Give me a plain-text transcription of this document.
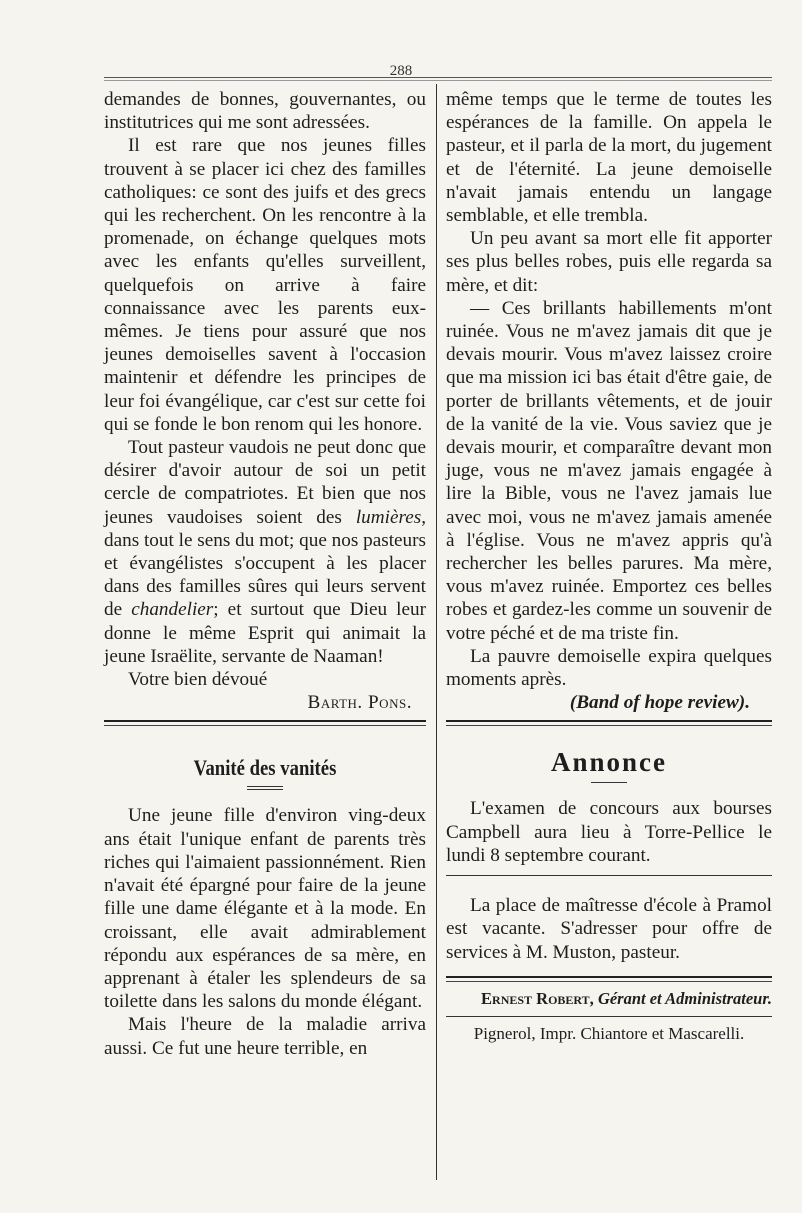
288

demandes de bonnes, gouvernantes, ou institutrices qui me sont adressées.

Il est rare que nos jeunes filles trouvent à se placer ici chez des familles catholiques: ce sont des juifs et des grecs qui les recherchent. On les rencontre à la promenade, on échange quelques mots avec les enfants qu'elles surveillent, quelquefois on arrive à faire connaissance avec les parents eux-mêmes. Je tiens pour assuré que nos jeunes demoiselles savent à l'occasion maintenir et défendre les principes de leur foi évangélique, car c'est sur cette foi qui se fonde le bon renom qui les honore.

Tout pasteur vaudois ne peut donc que désirer d'avoir autour de soi un petit cercle de compatriotes. Et bien que nos jeunes vaudoises soient des lumières, dans tout le sens du mot; que nos pasteurs et évangélistes s'occupent à les placer dans des familles sûres qui leurs servent de chandelier; et surtout que Dieu leur donne le même Esprit qui animait la jeune Israëlite, servante de Naaman!

Votre bien dévoué

Barth. Pons.

Vanité des vanités

Une jeune fille d'environ ving-deux ans était l'unique enfant de parents très riches qui l'aimaient passionnément. Rien n'avait été épargné pour faire de la jeune fille une dame élégante et à la mode. En croissant, elle avait admirablement répondu aux espérances de sa mère, en apprenant à étaler les splendeurs de sa toilette dans les salons du monde élégant.

Mais l'heure de la maladie arriva aussi. Ce fut une heure terrible, en

même temps que le terme de toutes les espérances de la famille. On appela le pasteur, et il parla de la mort, du jugement et de l'éternité. La jeune demoiselle n'avait jamais entendu un langage semblable, et elle trembla.

Un peu avant sa mort elle fit apporter ses plus belles robes, puis elle regarda sa mère, et dit:

— Ces brillants habillements m'ont ruinée. Vous ne m'avez jamais dit que je devais mourir. Vous m'avez laissez croire que ma mission ici bas était d'être gaie, de porter de brillants vêtements, et de jouir de la vanité de la vie. Vous saviez que je devais mourir, et comparaître devant mon juge, vous ne m'avez jamais engagée à lire la Bible, vous ne l'avez jamais lue avec moi, vous ne m'avez jamais amenée à l'église. Vous ne m'avez appris qu'à rechercher les belles parures. Ma mère, vous m'avez ruinée. Emportez ces belles robes et gardez-les comme un souvenir de votre péché et de ma triste fin.

La pauvre demoiselle expira quelques moments après.

(Band of hope review).

Annonce

L'examen de concours aux bourses Campbell aura lieu à Torre-Pellice le lundi 8 septembre courant.

La place de maîtresse d'école à Pramol est vacante. S'adresser pour offre de services à M. Muston, pasteur.

Ernest Robert, Gérant et Administrateur.
Pignerol, Impr. Chiantore et Mascarelli.
